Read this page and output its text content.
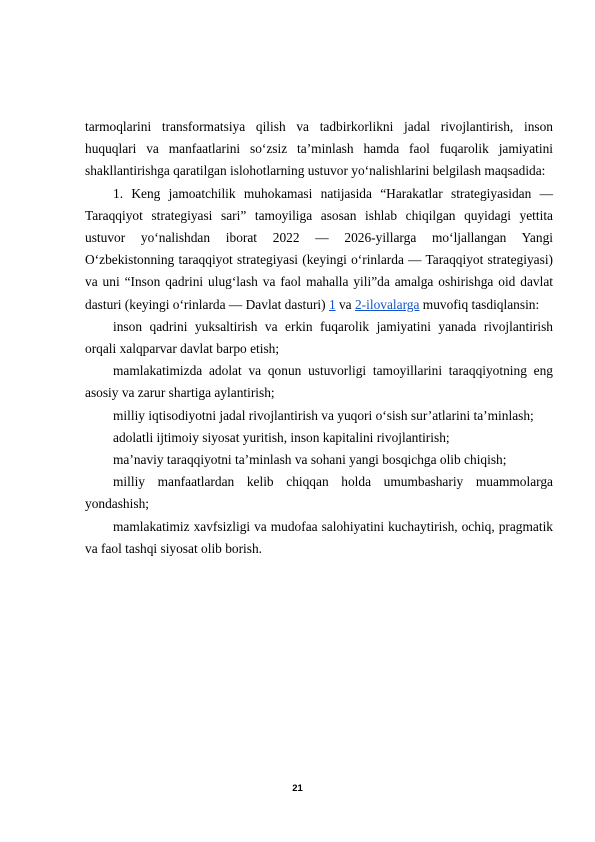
tarmoqlarini transformatsiya qilish va tadbirkorlikni jadal rivojlantirish, inson huquqlari va manfaatlarini so‘zsiz ta’minlash hamda faol fuqarolik jamiyatini shakllantirishga qaratilgan islohotlarning ustuvor yo‘nalishlarini belgilash maqsadida:

1. Keng jamoatchilik muhokamasi natijasida “Harakatlar strategiyasidan — Taraqqiyot strategiyasi sari” tamoyiliga asosan ishlab chiqilgan quyidagi yettita ustuvor yo‘nalishdan iborat 2022 — 2026-yillarga mo‘ljallangan Yangi O‘zbekistonning taraqqiyot strategiyasi (keyingi o‘rinlarda — Taraqqiyot strategiyasi) va uni “Inson qadrini ulug‘lash va faol mahalla yili”da amalga oshirishga oid davlat dasturi (keyingi o‘rinlarda — Davlat dasturi) 1 va 2-ilovalarga muvofiq tasdiqlansin:

inson qadrini yuksaltirish va erkin fuqarolik jamiyatini yanada rivojlantirish orqali xalqparvar davlat barpo etish;

mamlakatimizda adolat va qonun ustuvorligi tamoyillarini taraqqiyotning eng asosiy va zarur shartiga aylantirish;

milliy iqtisodiyotni jadal rivojlantirish va yuqori o‘sish sur’atlarini ta’minlash;

adolatli ijtimoiy siyosat yuritish, inson kapitalini rivojlantirish;

ma’naviy taraqqiyotni ta’minlash va sohani yangi bosqichga olib chiqish;

milliy manfaatlardan kelib chiqqan holda umumbashariy muammolarga yondashish;

mamlakatimiz xavfsizligi va mudofaa salohiyatini kuchaytirish, ochiq, pragmatik va faol tashqi siyosat olib borish.

21
